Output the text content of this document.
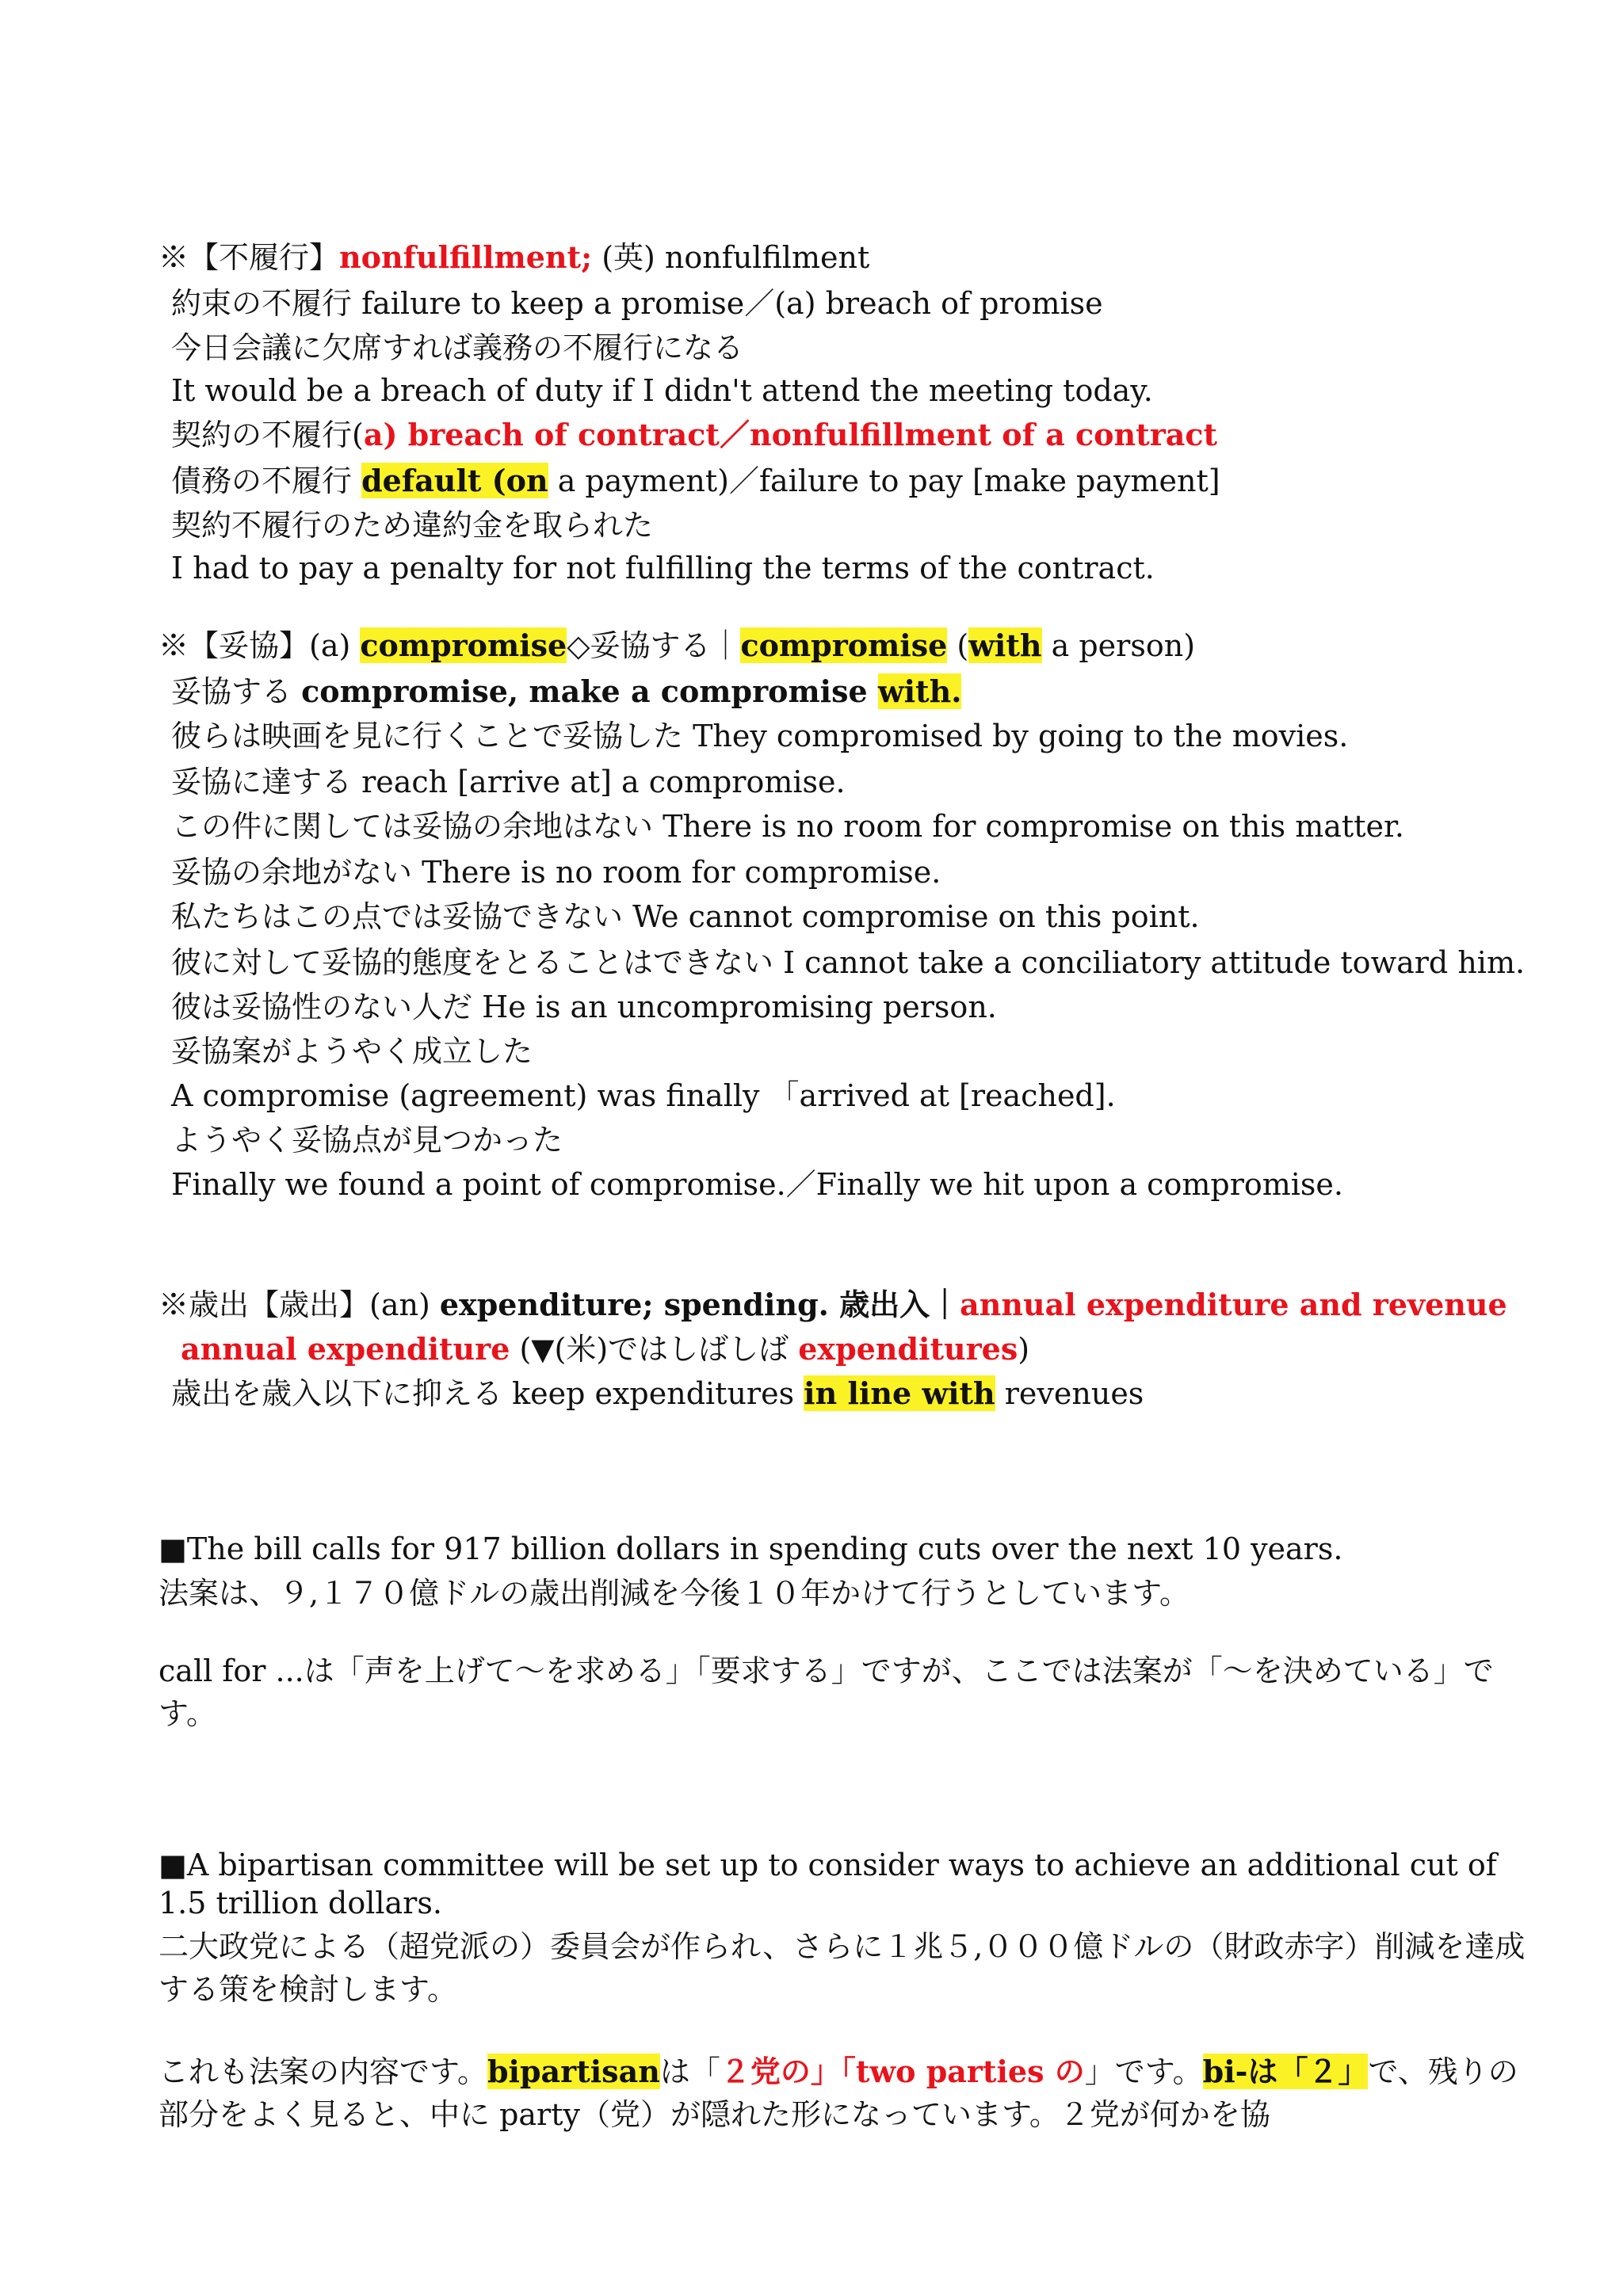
※【不履行】nonfulfillment; (英) nonfulfilment
約束の不履行 failure to keep a promise／(a) breach of promise
今日会議に欠席すれば義務の不履行になる
It would be a breach of duty if I didn't attend the meeting today.
契約の不履行(a) breach of contract／nonfulfillment of a contract
債務の不履行 default (on a payment)／failure to pay [make payment]
契約不履行のため違約金を取られた
I had to pay a penalty for not fulfilling the terms of the contract.
※【妥協】(a) compromise◇妥協する｜compromise (with a person)
妥協する compromise, make a compromise with.
彼らは映画を見に行くことで妥協した They compromised by going to the movies.
妥協に達する reach [arrive at] a compromise.
この件に関しては妥協の余地はない There is no room for compromise on this matter.
妥協の余地がない There is no room for compromise.
私たちはこの点では妥協できない We cannot compromise on this point.
彼に対して妥協的態度をとることはできない I cannot take a conciliatory attitude toward him.
彼は妥協性のない人だ He is an uncompromising person.
妥協案がようやく成立した
A compromise (agreement) was finally 「arrived at [reached].
ようやく妥協点が見つかった
Finally we found a point of compromise.／Finally we hit upon a compromise.
※歳出【歳出】(an) expenditure; spending. 歳出入｜annual expenditure and revenue
annual expenditure (▼(米)ではしばしば expenditures)
歳出を歳入以下に抑える keep expenditures in line with revenues
■The bill calls for 917 billion dollars in spending cuts over the next 10 years.
法案は、９,１７０億ドルの歳出削減を今後１０年かけて行うとしています。
call for ...は「声を上げて～を求める」「要求する」ですが、ここでは法案が「～を決めている」です。
■A bipartisan committee will be set up to consider ways to achieve an additional cut of 1.5 trillion dollars.
二大政党による（超党派の）委員会が作られ、さらに１兆５,０００億ドルの（財政赤字）削減を達成する策を検討します。
これも法案の内容です。bipartisanは「２党の」「two parties の」です。bi-は「２」で、残りの部分をよく見ると、中に party（党）が隠れた形になっています。２党が何かを協
